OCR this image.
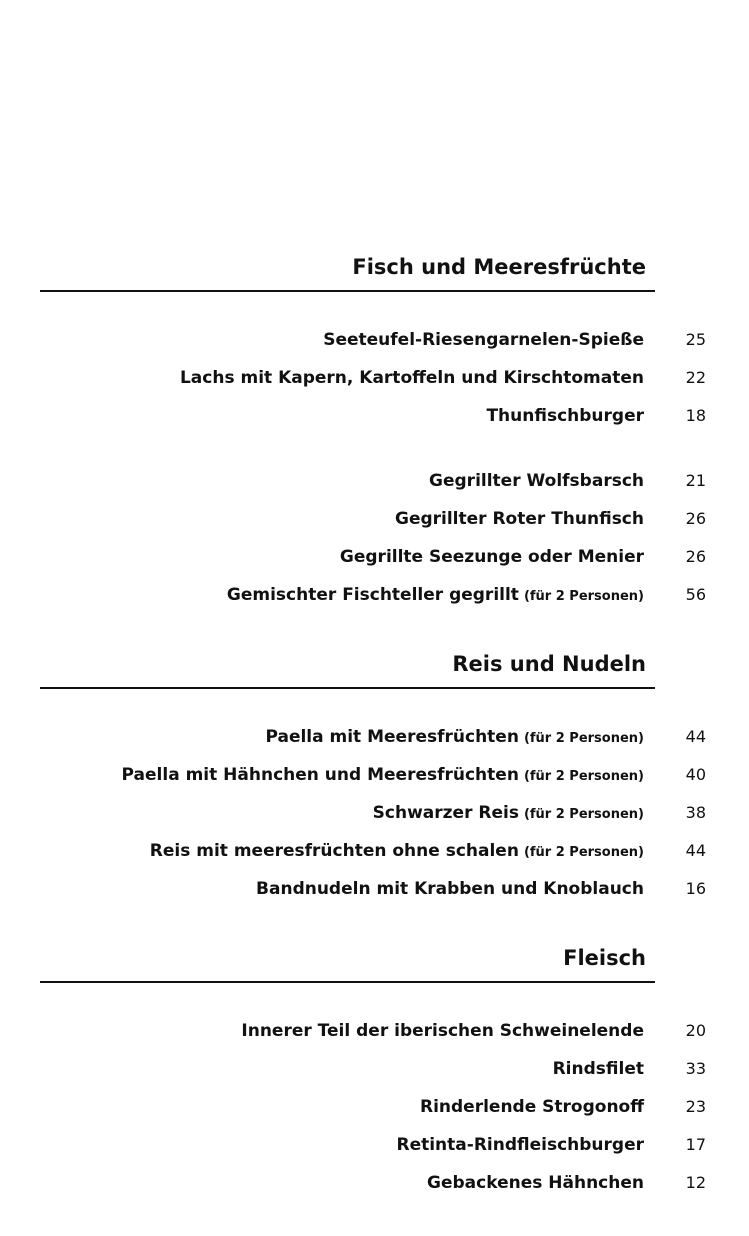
Fisch und Meeresfrüchte
Seeteufel-Riesengarnelen-Spieße	25
Lachs mit Kapern, Kartoffeln und Kirschtomaten	22
Thunfischburger	18
Gegrillter Wolfsbarsch	21
Gegrillter Roter Thunfisch	26
Gegrillte Seezunge oder Menier	26
Gemischter Fischteller gegrillt (für 2 Personen)	56
Reis und Nudeln
Paella mit Meeresfrüchten (für 2 Personen)	44
Paella mit Hähnchen und Meeresfrüchten (für 2 Personen)	40
Schwarzer Reis (für 2 Personen)	38
Reis mit meeresfrüchten ohne schalen (für 2 Personen)	44
Bandnudeln mit Krabben und Knoblauch	16
Fleisch
Innerer Teil der iberischen Schweinelende	20
Rindsfilet	33
Rinderlende Strogonoff	23
Retinta-Rindfleischburger	17
Gebackenes Hähnchen	12
